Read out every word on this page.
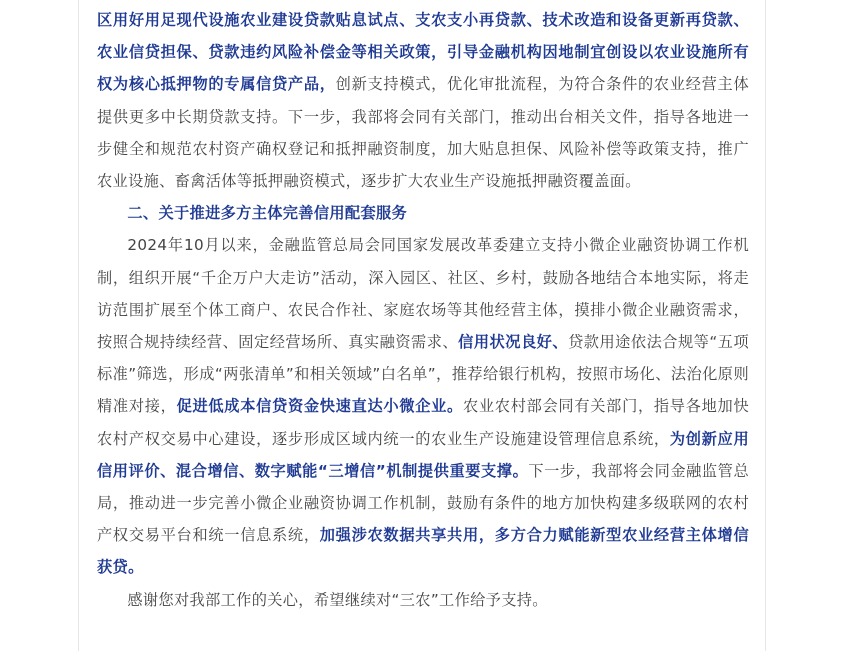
区用好用足现代设施农业建设贷款贴息试点、支农支小再贷款、技术改造和设备更新再贷款、农业信贷担保、贷款违约风险补偿金等相关政策，引导金融机构因地制宜创设以农业设施所有权为核心抵押物的专属信贷产品，创新支持模式，优化审批流程，为符合条件的农业经营主体提供更多中长期贷款支持。下一步，我部将会同有关部门，推动出台相关文件，指导各地进一步健全和规范农村资产确权登记和抵押融资制度，加大贴息担保、风险补偿等政策支持，推广农业设施、畜禽活体等抵押融资模式，逐步扩大农业生产设施抵押融资覆盖面。

二、关于推进多方主体完善信用配套服务

2024年10月以来，金融监管总局会同国家发展改革委建立支持小微企业融资协调工作机制，组织开展“千企万户大走访”活动，深入园区、社区、乡村，鼓励各地结合本地实际，将走访范围扩展至个体工商户、农民合作社、家庭农场等其他经营主体，摸排小微企业融资需求，按照合规持续经营、固定经营场所、真实融资需求、信用状况良好、贷款用途依法合规等“五项标准”筛选，形成“两张清单”和相关领域”白名单”，推荐给银行机构，按照市场化、法治化原则精准对接，促进低成本信贷资金快速直达小微企业。农业农村部会同有关部门，指导各地加快农村产权交易中心建设，逐步形成区域内统一的农业生产设施建设管理信息系统，为创新应用信用评价、混合增信、数字赋能“三增信”机制提供重要支撑。下一步，我部将会同金融监管总局，推动进一步完善小微企业融资协调工作机制，鼓励有条件的地方加快构建多级联网的农村产权交易平台和统一信息系统，加强涉农数据共享共用，多方合力赋能新型农业经营主体增信获贷。

感谢您对我部工作的关心，希望继续对“三农”工作给予支持。
